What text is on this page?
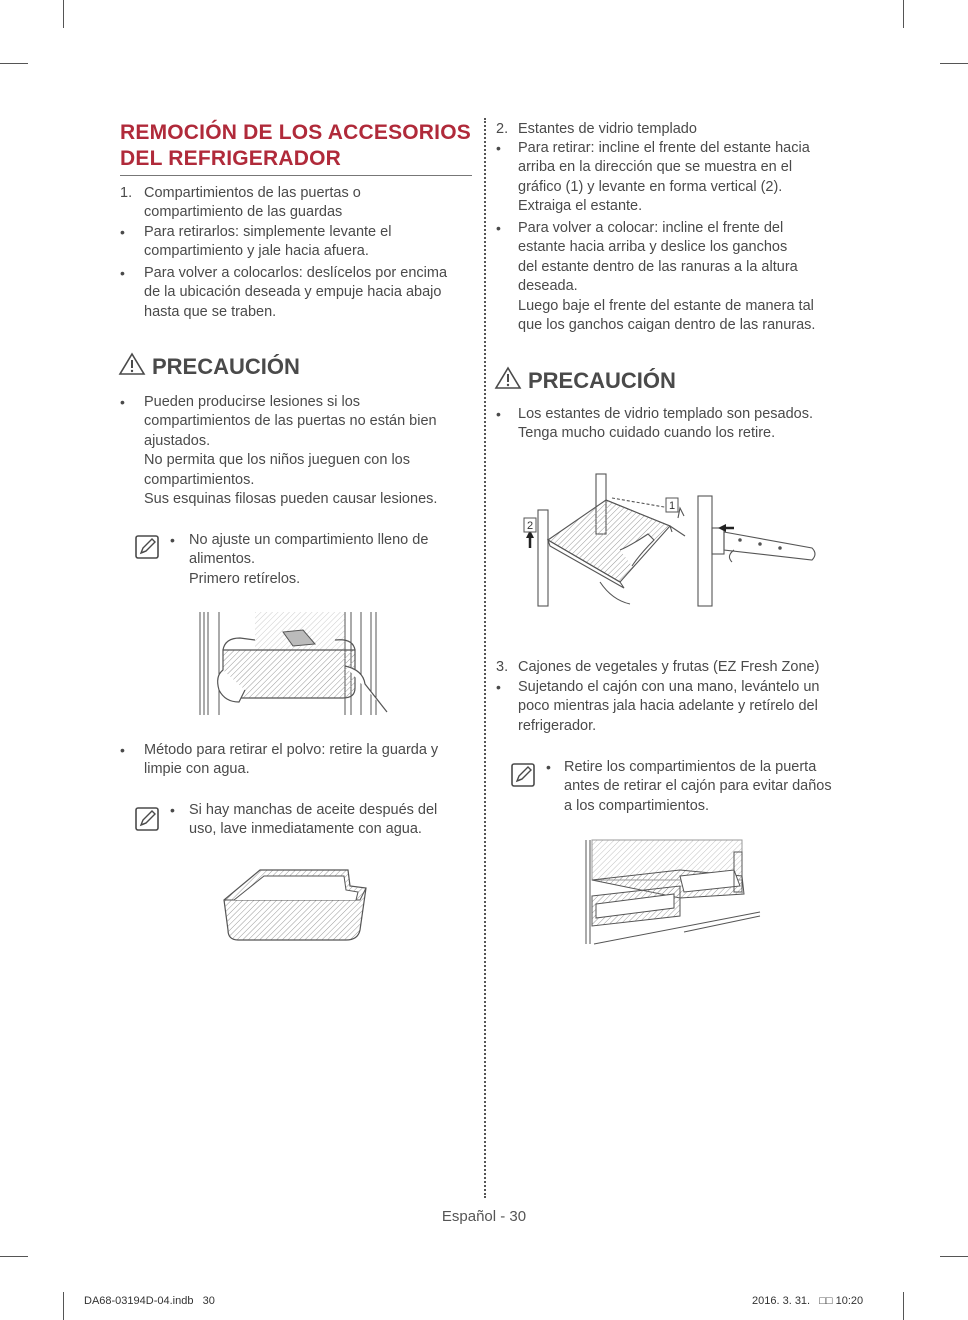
REMOCIÓN DE LOS ACCESORIOS
DEL REFRIGERADOR
1. Compartimientos de las puertas o
compartimiento de las guardas
• Para retirarlos: simplemente levante el
compartimiento y jale hacia afuera.
• Para volver a colocarlos: deslícelos por encima
de la ubicación deseada y empuje hacia abajo
hasta que se traben.
PRECAUCIÓN
• Pueden producirse lesiones si los
compartimientos de las puertas no están bien
ajustados.
No permita que los niños jueguen con los
compartimientos.
Sus esquinas filosas pueden causar lesiones.
• No ajuste un compartimiento lleno de
alimentos.
Primero retírelos.
• Método para retirar el polvo: retire la guarda y
limpie con agua.
• Si hay manchas de aceite después del
uso, lave inmediatamente con agua.
2. Estantes de vidrio templado
• Para retirar: incline el frente del estante hacia
arriba en la dirección que se muestra en el
gráfico (1) y levante en forma vertical (2).
Extraiga el estante.
• Para volver a colocar: incline el frente del
estante hacia arriba y deslice los ganchos
del estante dentro de las ranuras a la altura
deseada.
Luego baje el frente del estante de manera tal
que los ganchos caigan dentro de las ranuras.
PRECAUCIÓN
• Los estantes de vidrio templado son pesados.
Tenga mucho cuidado cuando los retire.
1
2
3. Cajones de vegetales y frutas (EZ Fresh Zone)
• Sujetando el cajón con una mano, levántelo un
poco mientras jala hacia adelante y retírelo del
refrigerador.
• Retire los compartimientos de la puerta
antes de retirar el cajón para evitar daños
a los compartimientos.
Español - 30
DA68-03194D-04.indb   30	2016. 3. 31.   □□ 10:20
